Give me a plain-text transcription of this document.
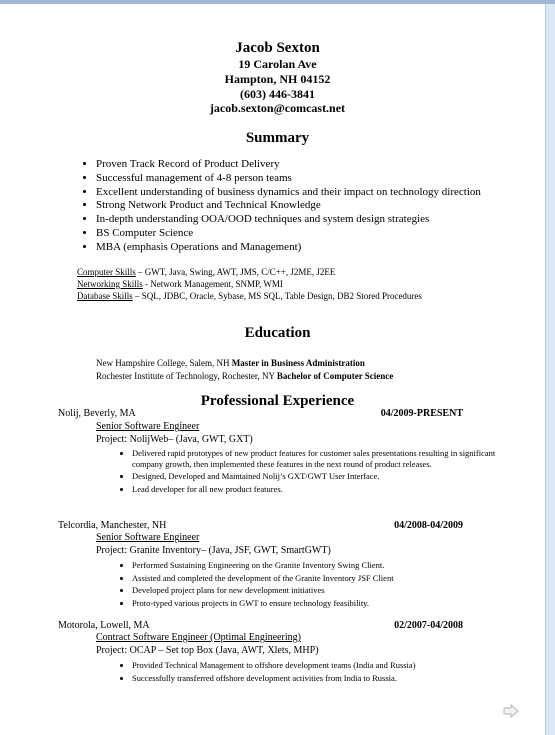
Jacob Sexton
19 Carolan Ave
Hampton, NH 04152
(603) 446-3841
jacob.sexton@comcast.net
Summary
• Proven Track Record of Product Delivery
• Successful management of 4-8 person teams
• Excellent understanding of business dynamics and their impact on technology direction
• Strong Network Product and Technical Knowledge
• In-depth understanding OOA/OOD techniques and system design strategies
• BS Computer Science
• MBA (emphasis Operations and Management)
Computer Skills – GWT, Java, Swing, AWT, JMS, C/C++, J2ME, J2EE
Networking Skills - Network Management, SNMP, WMI
Database Skills – SQL, JDBC, Oracle, Sybase, MS SQL, Table Design, DB2 Stored Procedures
Education
New Hampshire College, Salem, NH Master in Business Administration
Rochester Institute of Technology, Rochester, NY Bachelor of Computer Science
Professional Experience
Nolij, Beverly, MA	04/2009-PRESENT
Senior Software Engineer
Project: NolijWeb– (Java, GWT, GXT)
• Delivered rapid prototypes of new product features for customer sales presentations resulting in significant company growth, then implemented these features in the next round of product releases.
• Designed, Developed and Maintained Nolij’s GXT/GWT User Interface.
• Lead developer for all new product features.
Telcordia, Manchester, NH	04/2008-04/2009
Senior Software Engineer
Project: Granite Inventory– (Java, JSF, GWT, SmartGWT)
• Performed Sustaining Engineering on the Granite Inventory Swing Client.
• Assisted and completed the development of the Granite Inventory JSF Client
• Developed project plans for new development initiatives
• Proto-typed various projects in GWT to ensure technology feasibility.
Motorola, Lowell, MA	02/2007-04/2008
Contract Software Engineer (Optimal Engineering)
Project: OCAP – Set top Box (Java, AWT, Xlets, MHP)
• Provided Technical Management to offshore development teams (India and Russia)
• Successfully transferred offshore development activities from India to Russia.
